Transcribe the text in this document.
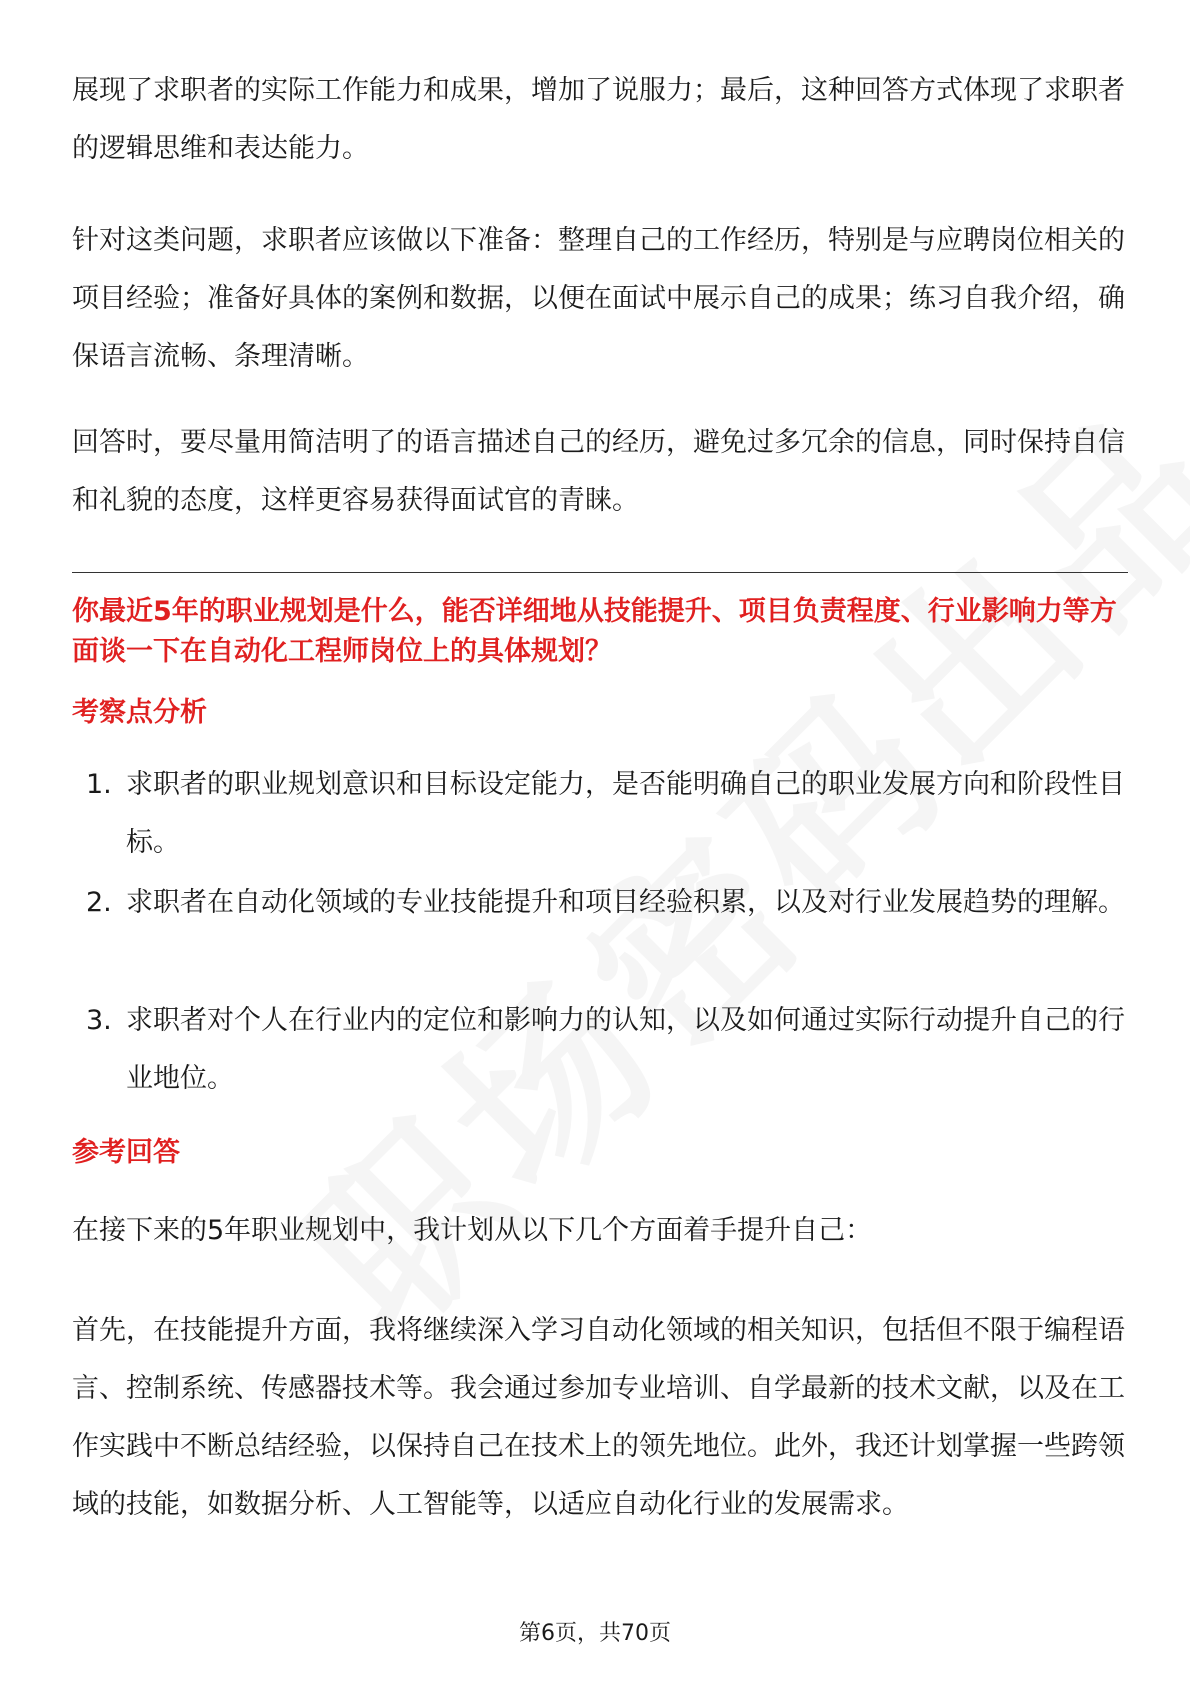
展现了求职者的实际工作能力和成果，增加了说服力；最后，这种回答方式体现了求职者的逻辑思维和表达能力。

针对这类问题，求职者应该做以下准备：整理自己的工作经历，特别是与应聘岗位相关的项目经验；准备好具体的案例和数据，以便在面试中展示自己的成果；练习自我介绍，确保语言流畅、条理清晰。

回答时，要尽量用简洁明了的语言描述自己的经历，避免过多冗余的信息，同时保持自信和礼貌的态度，这样更容易获得面试官的青睐。

你最近5年的职业规划是什么，能否详细地从技能提升、项目负责程度、行业影响力等方面谈一下在自动化工程师岗位上的具体规划？

考察点分析

1. 求职者的职业规划意识和目标设定能力，是否能明确自己的职业发展方向和阶段性目标。
2. 求职者在自动化领域的专业技能提升和项目经验积累，以及对行业发展趋势的理解。
3. 求职者对个人在行业内的定位和影响力的认知，以及如何通过实际行动提升自己的行业地位。

参考回答

在接下来的5年职业规划中，我计划从以下几个方面着手提升自己：

首先，在技能提升方面，我将继续深入学习自动化领域的相关知识，包括但不限于编程语言、控制系统、传感器技术等。我会通过参加专业培训、自学最新的技术文献，以及在工作实践中不断总结经验，以保持自己在技术上的领先地位。此外，我还计划掌握一些跨领域的技能，如数据分析、人工智能等，以适应自动化行业的发展需求。

第6页，共70页
